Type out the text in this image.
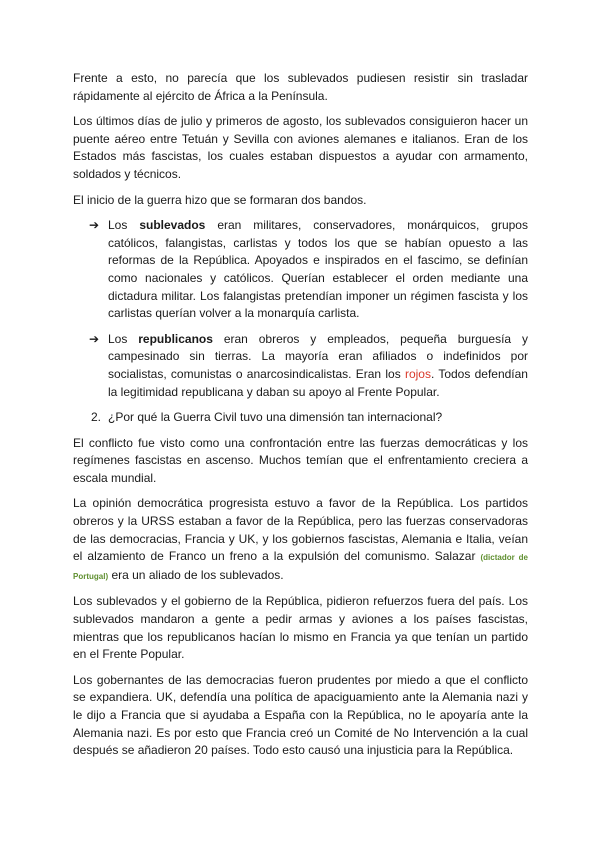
Frente a esto, no parecía que los sublevados pudiesen resistir sin trasladar rápidamente al ejército de África a la Península.

Los últimos días de julio y primeros de agosto, los sublevados consiguieron hacer un puente aéreo entre Tetuán y Sevilla con aviones alemanes e italianos. Eran de los Estados más fascistas, los cuales estaban dispuestos a ayudar con armamento, soldados y técnicos.

El inicio de la guerra hizo que se formaran dos bandos.

➔ Los sublevados eran militares, conservadores, monárquicos, grupos católicos, falangistas, carlistas y todos los que se habían opuesto a las reformas de la República. Apoyados e inspirados en el fascimo, se definían como nacionales y católicos. Querían establecer el orden mediante una dictadura militar. Los falangistas pretendían imponer un régimen fascista y los carlistas querían volver a la monarquía carlista.
➔ Los republicanos eran obreros y empleados, pequeña burguesía y campesinado sin tierras. La mayoría eran afiliados o indefinidos por socialistas, comunistas o anarcosindicalistas. Eran los rojos. Todos defendían la legitimidad republicana y daban su apoyo al Frente Popular.
2. ¿Por qué la Guerra Civil tuvo una dimensión tan internacional?

El conflicto fue visto como una confrontación entre las fuerzas democráticas y los regímenes fascistas en ascenso. Muchos temían que el enfrentamiento creciera a escala mundial.

La opinión democrática progresista estuvo a favor de la República. Los partidos obreros y la URSS estaban a favor de la República, pero las fuerzas conservadoras de las democracias, Francia y UK, y los gobiernos fascistas, Alemania e Italia, veían el alzamiento de Franco un freno a la expulsión del comunismo. Salazar (dictador de Portugal) era un aliado de los sublevados.

Los sublevados y el gobierno de la República, pidieron refuerzos fuera del país. Los sublevados mandaron a gente a pedir armas y aviones a los países fascistas, mientras que los republicanos hacían lo mismo en Francia ya que tenían un partido en el Frente Popular.

Los gobernantes de las democracias fueron prudentes por miedo a que el conflicto se expandiera. UK, defendía una política de apaciguamiento ante la Alemania nazi y le dijo a Francia que si ayudaba a España con la República, no le apoyaría ante la Alemania nazi. Es por esto que Francia creó un Comité de No Intervención a la cual después se añadieron 20 países. Todo esto causó una injusticia para la República.
